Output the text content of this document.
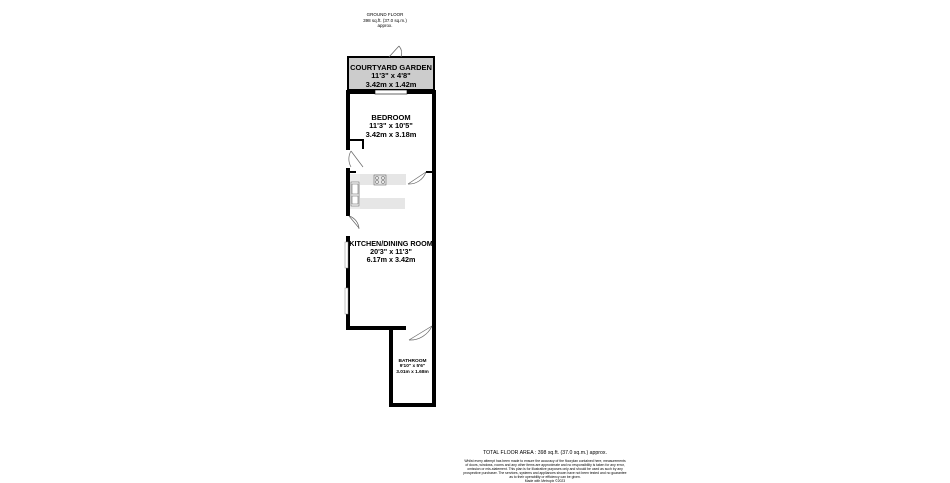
GROUND FLOOR
398 sq.ft. (37.0 sq.m.) approx.
COURTYARD GARDEN
11'3" x 4'8"
3.42m x 1.42m
BEDROOM
11'3" x 10'5"
3.42m x 3.18m
KITCHEN/DINING ROOM
20'3" x 11'3"
6.17m x 3.42m
BATHROOM
9'10" x 5'6"
3.01m x 1.68m
TOTAL FLOOR AREA : 398 sq.ft. (37.0 sq.m.) approx.
Whilst every attempt has been made to ensure the accuracy of the floorplan contained here, measurements of doors, windows, rooms and any other items are approximate and no responsibility is taken for any error, omission or mis-statement. This plan is for illustrative purposes only and should be used as such by any prospective purchaser. The services, systems and appliances shown have not been tested and no guarantee as to their operability or efficiency can be given.
Made with Metropix ©2023
